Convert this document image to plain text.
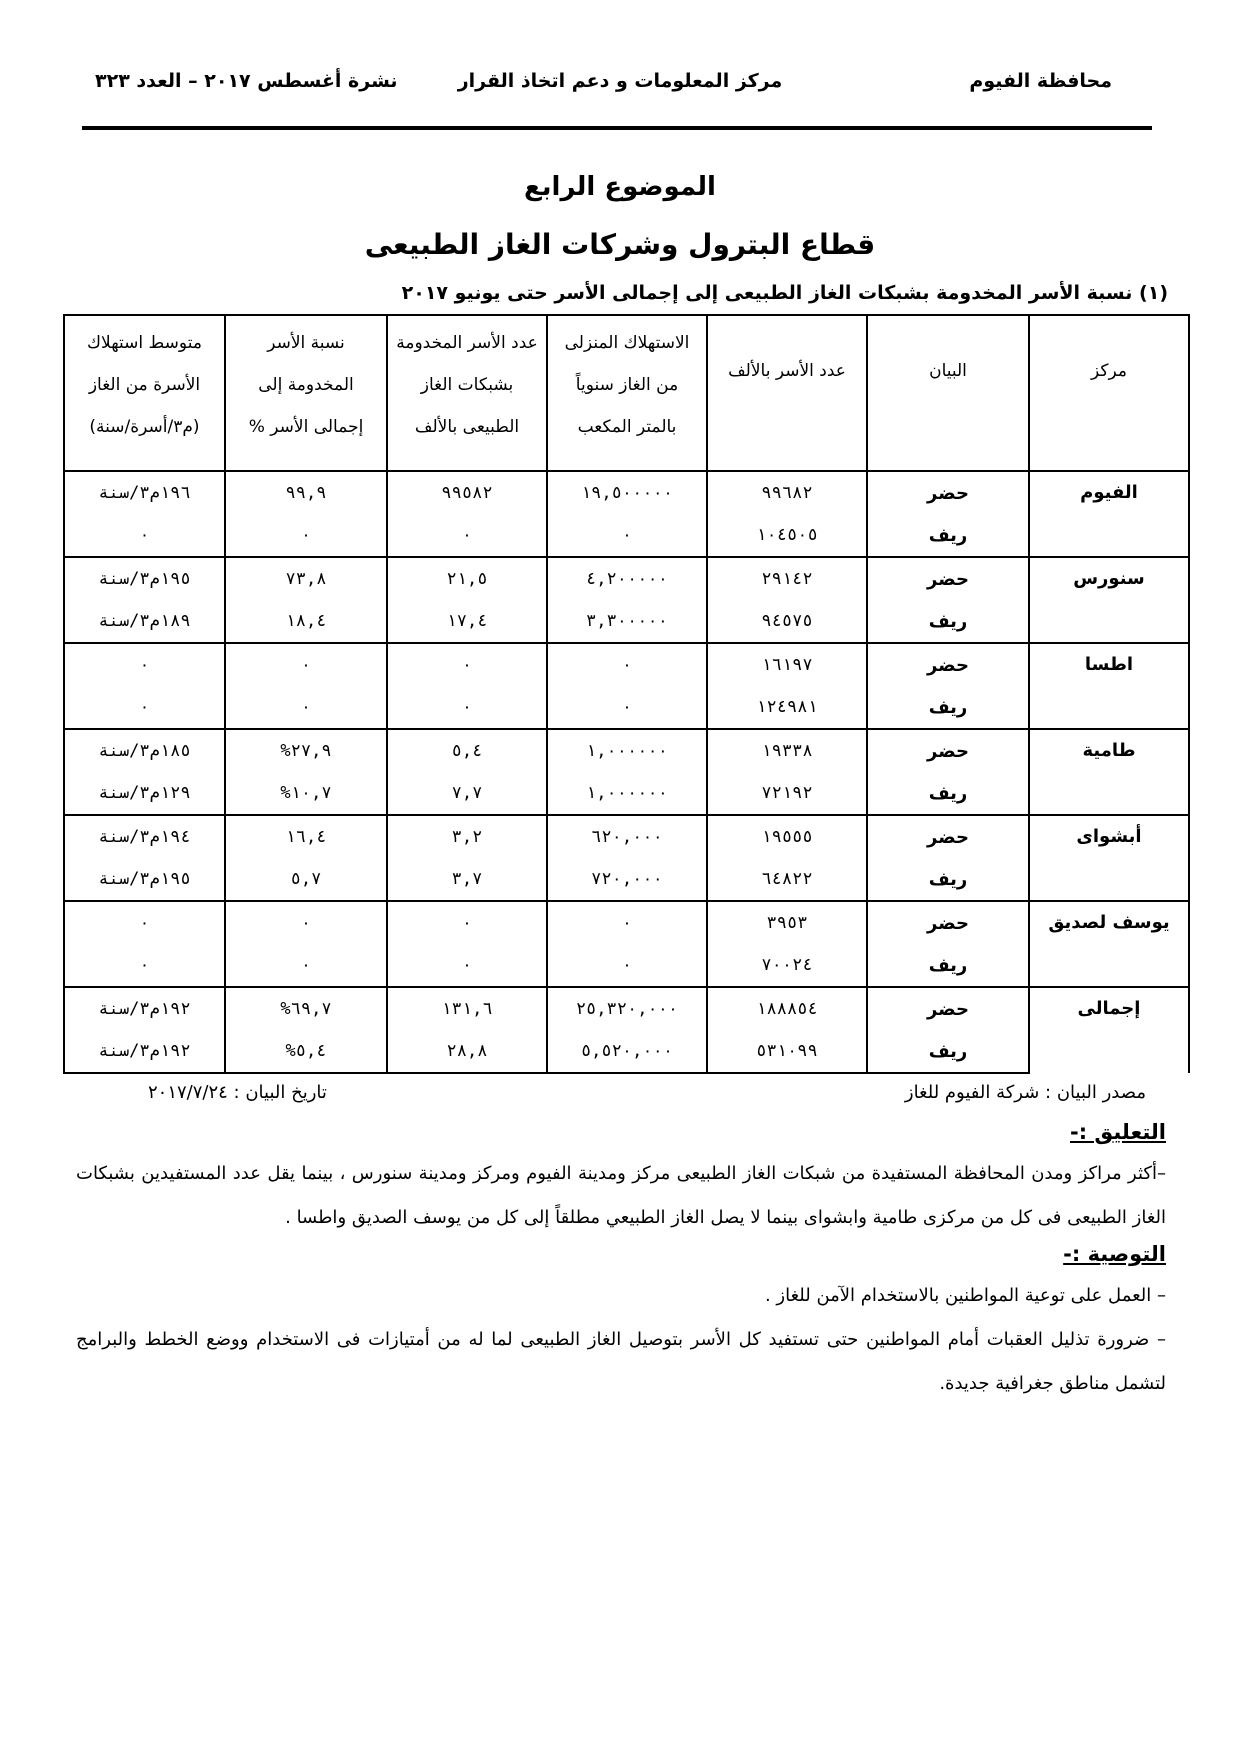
محافظة الفيوم
مركز المعلومات و دعم اتخاذ القرار
نشرة أغسطس ٢٠١٧ – العدد ٣٢٣
الموضوع الرابع
قطاع البترول وشركات الغاز الطبيعى
(١) نسبة الأسر المخدومة بشبكات الغاز الطبيعى إلى إجمالى الأسر حتى يونيو ٢٠١٧
مركز	البيان	عدد الأسر بالألف	الاستهلاك المنزلى من الغاز سنوياً بالمتر المكعب	عدد الأسر المخدومة بشبكات الغاز الطبيعى بالألف	نسبة الأسر المخدومة إلى إجمالى الأسر %	متوسط استهلاك الأسرة من الغاز (م٣/أسرة/سنة)
الفيوم	حضر	٩٩٦٨٢	١٩,٥٠٠٠٠٠	٩٩٥٨٢	٩٩,٩	١٩٦م٣/سنة
	ريف	١٠٤٥٠٥	٠	٠	٠	٠
سنورس	حضر	٢٩١٤٢	٤,٢٠٠٠٠٠	٢١,٥	٧٣,٨	١٩٥م٣/سنة
	ريف	٩٤٥٧٥	٣,٣٠٠٠٠٠	١٧,٤	١٨,٤	١٨٩م٣/سنة
اطسا	حضر	١٦١٩٧	٠	٠	٠	٠
	ريف	١٢٤٩٨١	٠	٠	٠	٠
طامية	حضر	١٩٣٣٨	١,٠٠٠٠٠٠	٥,٤	٢٧,٩%	١٨٥م٣/سنة
	ريف	٧٢١٩٢	١,٠٠٠٠٠٠	٧,٧	١٠,٧%	١٢٩م٣/سنة
أبشواى	حضر	١٩٥٥٥	٦٢٠,٠٠٠	٣,٢	١٦,٤	١٩٤م٣/سنة
	ريف	٦٤٨٢٢	٧٢٠,٠٠٠	٣,٧	٥,٧	١٩٥م٣/سنة
يوسف لصديق	حضر	٣٩٥٣	٠	٠	٠	٠
	ريف	٧٠٠٢٤	٠	٠	٠	٠
إجمالى	حضر	١٨٨٨٥٤	٢٥,٣٢٠,٠٠٠	١٣١,٦	٦٩,٧%	١٩٢م٣/سنة
	ريف	٥٣١٠٩٩	٥,٥٢٠,٠٠٠	٢٨,٨	٥,٤%	١٩٢م٣/سنة
مصدر البيان : شركة الفيوم للغاز
تاريخ البيان : ٢٠١٧/٧/٢٤
التعليق :-
–أكثر مراكز ومدن المحافظة المستفيدة من شبكات الغاز الطبيعى مركز ومدينة الفيوم ومركز ومدينة سنورس ، بينما يقل عدد المستفيدين بشبكات الغاز الطبيعى فى كل من مركزى طامية وابشواى بينما لا يصل الغاز الطبيعي مطلقاً إلى كل من يوسف الصديق واطسا .
التوصية :-
– العمل على توعية المواطنين بالاستخدام الآمن للغاز .
– ضرورة تذليل العقبات أمام المواطنين حتى تستفيد كل الأسر بتوصيل الغاز الطبيعى لما له من أمتيازات فى الاستخدام ووضع الخطط والبرامج لتشمل مناطق جغرافية جديدة.
